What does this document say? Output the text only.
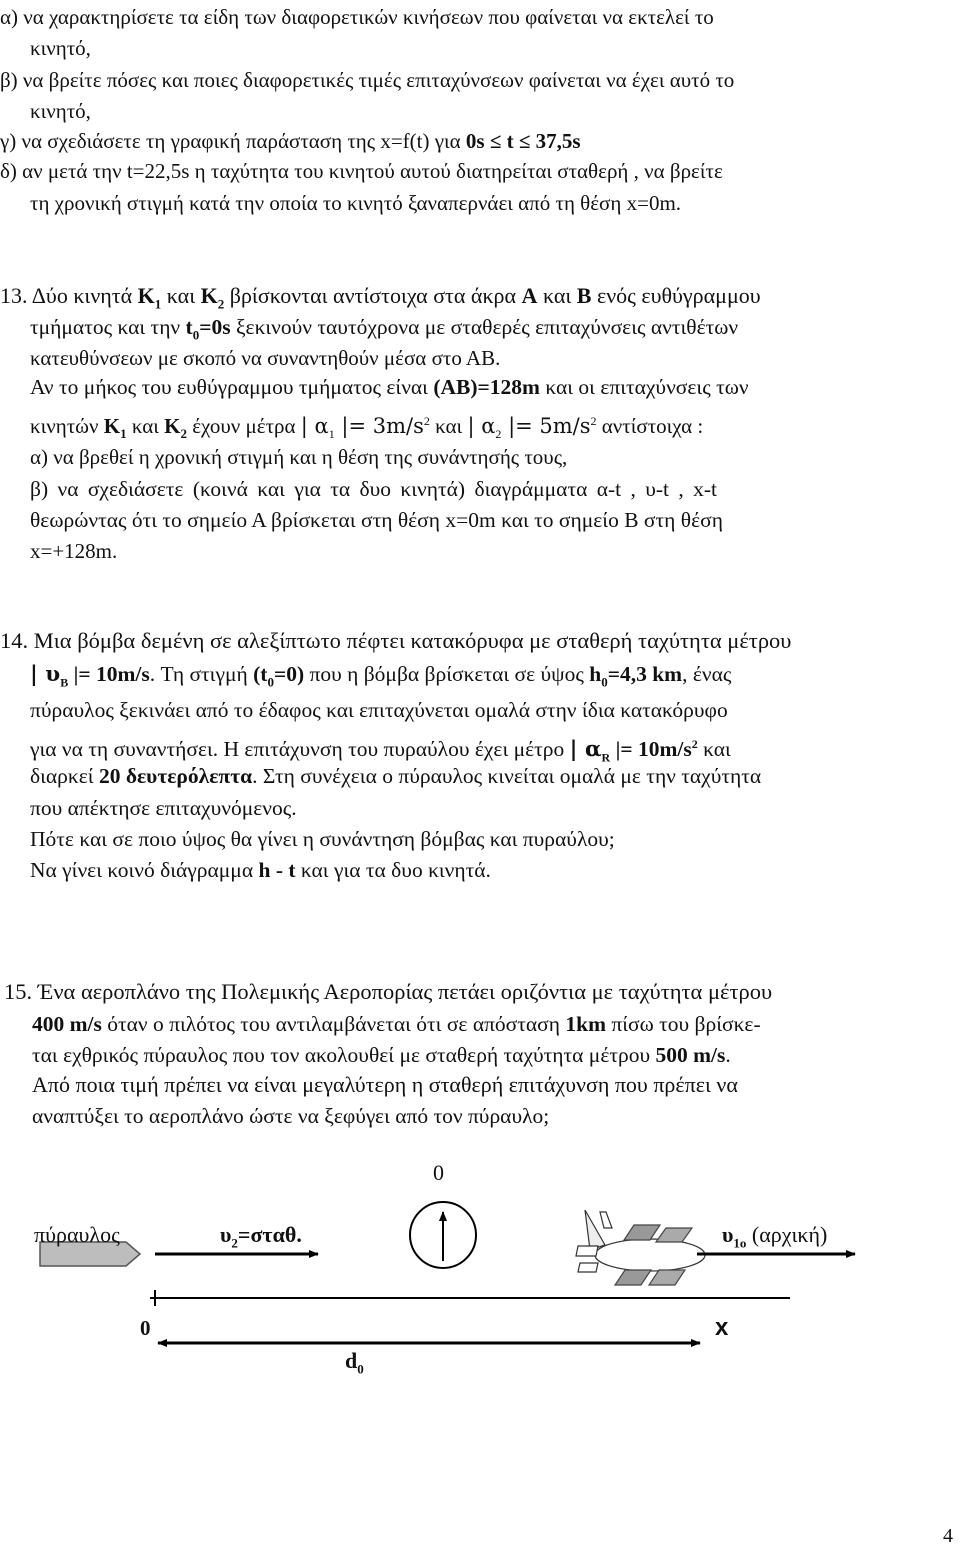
α) να χαρακτηρίσετε τα είδη των διαφορετικών κινήσεων που φαίνεται να εκτελεί το
κινητό,
β) να βρείτε πόσες και ποιες διαφορετικές τιμές επιταχύνσεων φαίνεται να έχει αυτό το
κινητό,
γ) να σχεδιάσετε τη γραφική παράσταση της x=f(t) για 0s ≤ t ≤ 37,5s
δ) αν μετά την t=22,5s η ταχύτητα του κινητού αυτού διατηρείται σταθερή , να βρείτε
τη χρονική στιγμή κατά την οποία το κινητό ξαναπερνάει από τη θέση x=0m.
13. Δύο κινητά $K_1$ και $K_2$ βρίσκονται αντίστοιχα στα άκρα Α και Β ενός ευθύγραμμου
τμήματος και την $t_0=0s$ ξεκινούν ταυτόχρονα με σταθερές επιταχύνσεις αντιθέτων
κατευθύνσεων με σκοπό να συναντηθούν μέσα στο ΑΒ.
Αν το μήκος του ευθύγραμμου τμήματος είναι (ΑΒ)=128m και οι επιταχύνσεις των
κινητών $K_1$ και $K_2$ έχουν μέτρα | $\alpha_1$ |= $3m/s^2$ και | $\alpha_2$ |= $5m/s^2$ αντίστοιχα :
α) να βρεθεί η χρονική στιγμή και η θέση της συνάντησής τους,
β) να σχεδιάσετε (κοινά και για τα δυο κινητά) διαγράμματα α-t , υ-t , x-t
θεωρώντας ότι το σημείο Α βρίσκεται στη θέση x=0m και το σημείο Β στη θέση
x=+128m.
14. Μια βόμβα δεμένη σε αλεξίπτωτο πέφτει κατακόρυφα με σταθερή ταχύτητα μέτρου
| $\upsilon_B$ |= 10m/s. Τη στιγμή $(t_0=0)$ που η βόμβα βρίσκεται σε ύψος $h_0=4,3$ km, ένας
πύραυλος ξεκινάει από το έδαφος και επιταχύνεται ομαλά στην ίδια κατακόρυφο
για να τη συναντήσει. Η επιτάχυνση του πυραύλου έχει μέτρο | $\alpha_R$ |= $10m/s^2$ και
διαρκεί 20 δευτερόλεπτα. Στη συνέχεια ο πύραυλος κινείται ομαλά με την ταχύτητα
που απέκτησε επιταχυνόμενος.
Πότε και σε ποιο ύψος θα γίνει η συνάντηση βόμβας και πυραύλου;
Να γίνει κοινό διάγραμμα h - t και για τα δυο κινητά.
15. Ένα αεροπλάνο της Πολεμικής Αεροπορίας πετάει οριζόντια με ταχύτητα μέτρου
400 m/s όταν ο πιλότος του αντιλαμβάνεται ότι σε απόσταση 1km πίσω του βρίσκε-
ται εχθρικός πύραυλος που τον ακολουθεί με σταθερή ταχύτητα μέτρου 500 m/s.
Από ποια τιμή πρέπει να είναι μεγαλύτερη η σταθερή επιτάχυνση που πρέπει να
αναπτύξει το αεροπλάνο ώστε να ξεφύγει από τον πύραυλο;
0
πύραυλος	$\upsilon_2=\sigma\tau\alpha\theta$.	$\upsilon_{1o}$ (αρχική)
0	x
$d_0$
4
